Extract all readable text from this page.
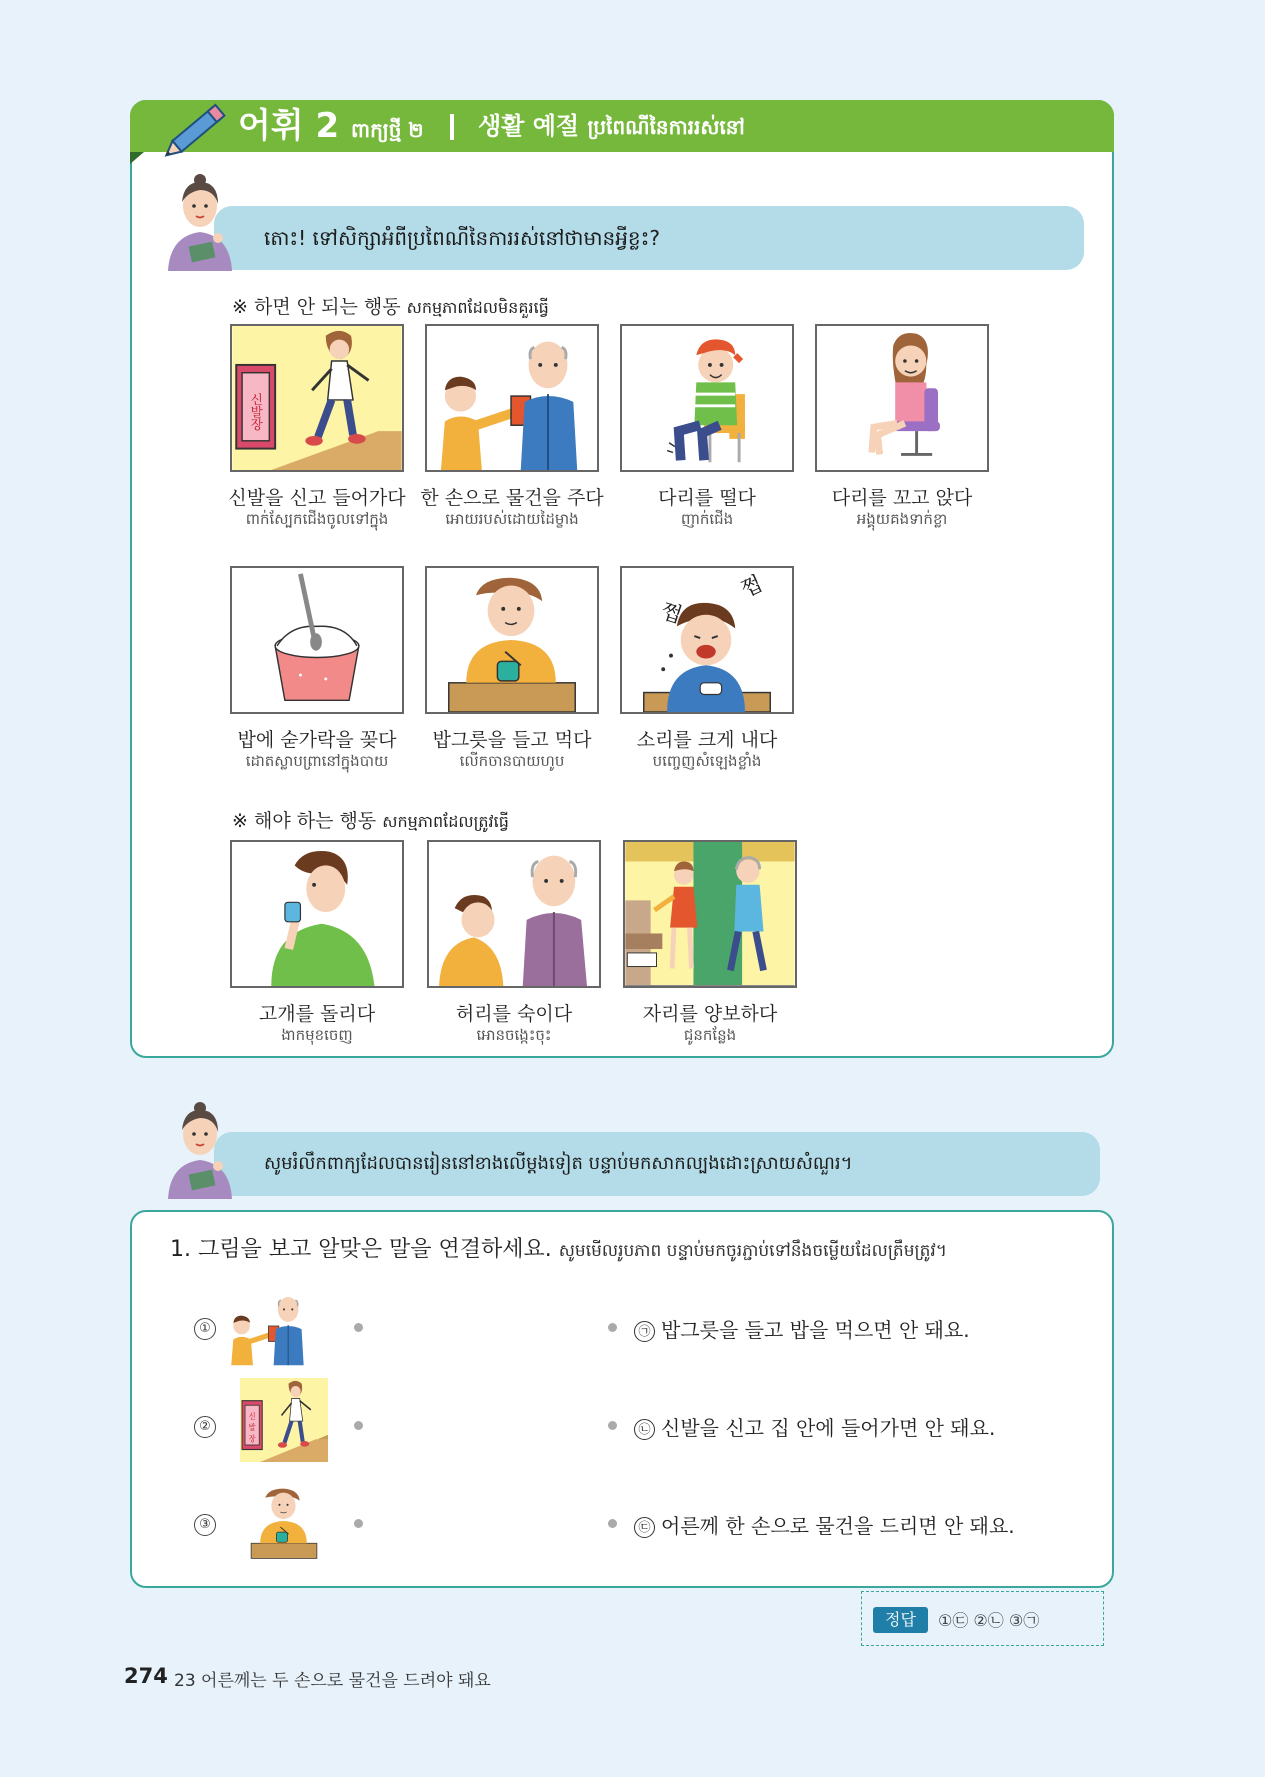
어휘 2 ពាក្យថ្មី ២ 생활 예절 ប្រពៃណីនៃការរស់នៅ
តោះ! ទៅសិក្សាអំពីប្រពៃណីនៃការរស់នៅថាមានអ្វីខ្លះ?
※ 하면 안 되는 행동 សកម្មភាពដែលមិនគួរធ្វើ
신발장
신발을 신고 들어가다
ពាក់ស្បែកជើងចូលទៅក្នុង
한 손으로 물건을 주다
អោយរបស់ដោយដៃម្ខាង
다리를 떨다
ញាក់ជើង
다리를 꼬고 앉다
អង្គុយគងទាក់ខ្លា
밥에 숟가락을 꽂다
ដោតស្លាបព្រានៅក្នុងបាយ
밥그릇을 들고 먹다
លើកចានបាយហូប
쩝
쩝
소리를 크게 내다
បញ្ចេញសំឡេងខ្លាំង
※ 해야 하는 행동 សកម្មភាពដែលត្រូវធ្វើ
고개를 돌리다
ងាកមុខចេញ
허리를 숙이다
អោនចង្កេះចុះ
자리를 양보하다
ជូនកន្លែង
សូមរំលឹកពាក្យដែលបានរៀននៅខាងលើម្តងទៀត បន្ទាប់មកសាកល្បងដោះស្រាយសំណួរ។
1. 그림을 보고 알맞은 말을 연결하세요. សូមមើលរូបភាព បន្ទាប់មកចូរភ្ជាប់ទៅនឹងចម្លើយដែលត្រឹមត្រូវ។
①	㉠ 밥그릇을 들고 밥을 먹으면 안 돼요.
②	㉡ 신발을 신고 집 안에 들어가면 안 돼요.
③	㉢ 어른께 한 손으로 물건을 드리면 안 돼요.
정답	①㉢ ②㉡ ③㉠
274 23 어른께는 두 손으로 물건을 드려야 돼요
